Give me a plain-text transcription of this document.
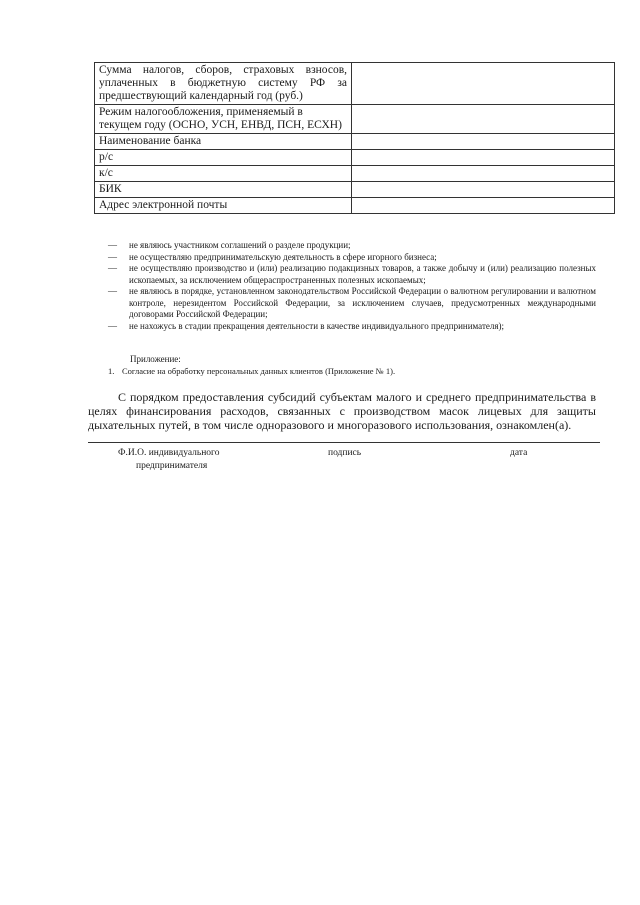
Сумма налогов, сборов, страховых взносов, уплаченных в бюджетную систему РФ за предшествующий календарный год (руб.)	
Режим налогообложения, применяемый в текущем году (ОСНО, УСН, ЕНВД, ПСН, ЕСХН)	
Наименование банка	
р/с	
к/с	
БИК	
Адрес электронной почты	
—	не являюсь участником соглашений о разделе продукции;
—	не осуществляю предпринимательскую деятельность в сфере игорного бизнеса;
—	не осуществляю производство и (или) реализацию подакцизных товаров, а также добычу и (или) реализацию полезных ископаемых, за исключением общераспространенных полезных ископаемых;
—	не являюсь в порядке, установленном законодательством Российской Федерации о валютном регулировании и валютном контроле, нерезидентом Российской Федерации, за исключением случаев, предусмотренных международными договорами Российской Федерации;
—	не нахожусь в стадии прекращения деятельности в качестве индивидуального предпринимателя);
Приложение:
1. Согласие на обработку персональных данных клиентов (Приложение № 1).
С порядком предоставления субсидий субъектам малого и среднего предпринимательства в целях финансирования расходов, связанных с производством масок лицевых для защиты дыхательных путей, в том числе одноразового и многоразового использования, ознакомлен(а).
Ф.И.О. индивидуального
предпринимателя
подпись	дата
